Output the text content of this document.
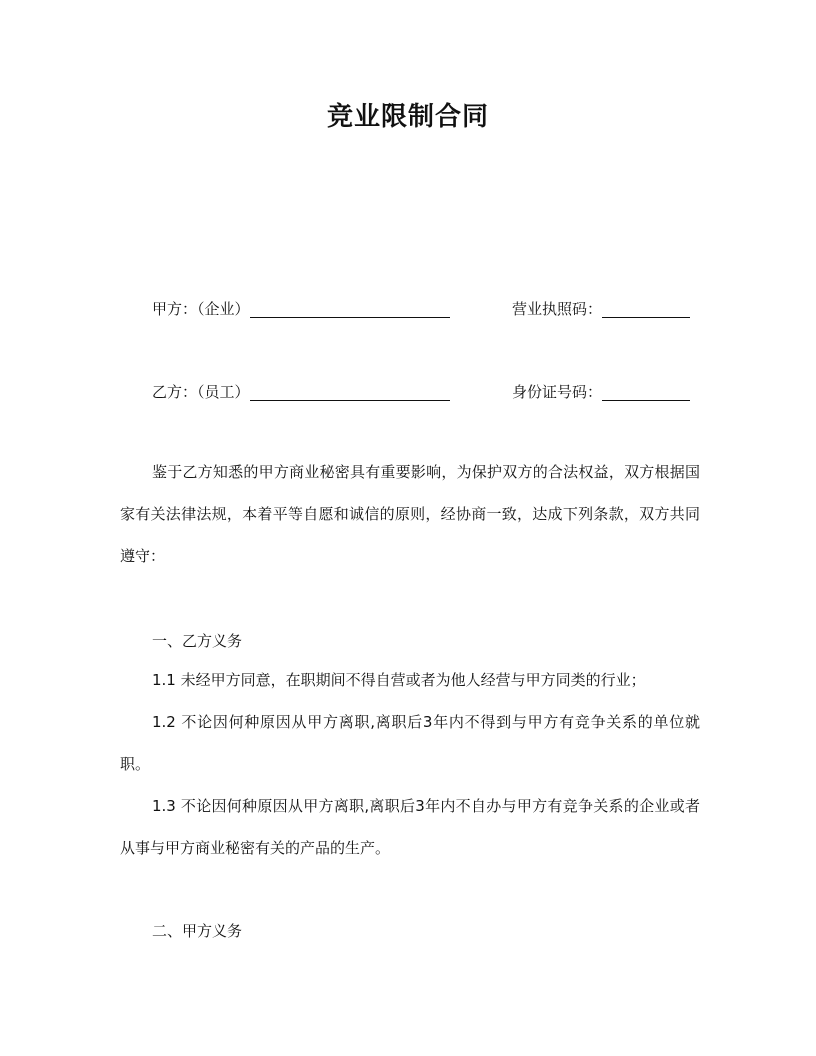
竞业限制合同
甲方：（企业）	营业执照码：
乙方：（员工）	身份证号码：
鉴于乙方知悉的甲方商业秘密具有重要影响，为保护双方的合法权益，双方根据国家有关法律法规，本着平等自愿和诚信的原则，经协商一致，达成下列条款，双方共同遵守：
一、乙方义务
1.1 未经甲方同意，在职期间不得自营或者为他人经营与甲方同类的行业；
1.2 不论因何种原因从甲方离职,离职后3年内不得到与甲方有竞争关系的单位就职。
1.3 不论因何种原因从甲方离职,离职后3年内不自办与甲方有竞争关系的企业或者从事与甲方商业秘密有关的产品的生产。
二、甲方义务
